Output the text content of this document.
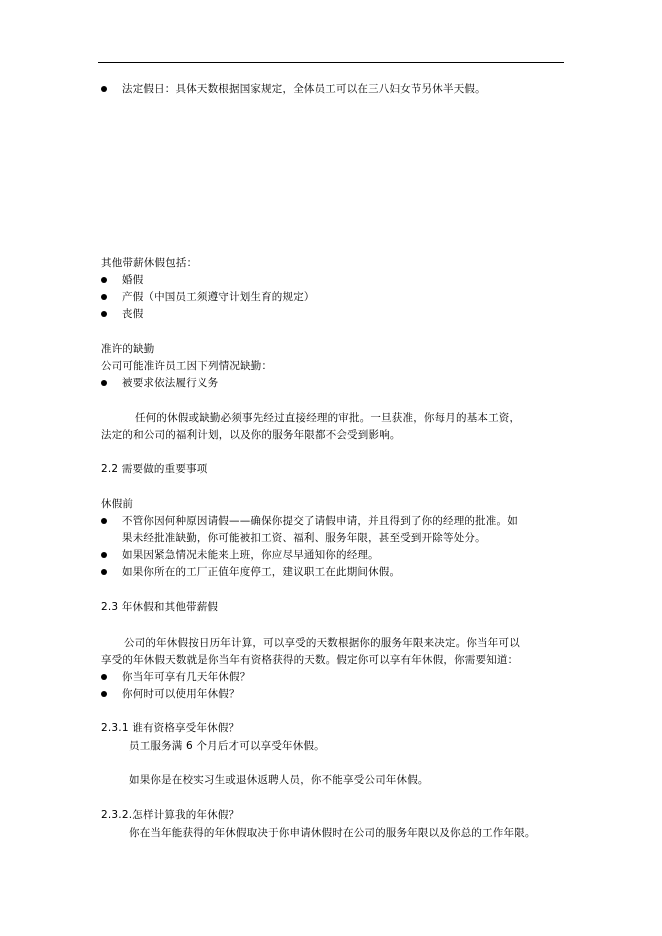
法定假日：具体天数根据国家规定，全体员工可以在三八妇女节另休半天假。
其他带薪休假包括：
婚假
产假（中国员工须遵守计划生育的规定）
丧假
准许的缺勤
公司可能准许员工因下列情况缺勤：
被要求依法履行义务
任何的休假或缺勤必须事先经过直接经理的审批。一旦获准，你每月的基本工资，
法定的和公司的福利计划，以及你的服务年限都不会受到影响。
2.2 需要做的重要事项
休假前
不管你因何种原因请假——确保你提交了请假申请，并且得到了你的经理的批准。如
果未经批准缺勤，你可能被扣工资、福利、服务年限，甚至受到开除等处分。
如果因紧急情况未能来上班，你应尽早通知你的经理。
如果你所在的工厂正值年度停工，建议职工在此期间休假。
2.3 年休假和其他带薪假
公司的年休假按日历年计算，可以享受的天数根据你的服务年限来决定。你当年可以
享受的年休假天数就是你当年有资格获得的天数。假定你可以享有年休假，你需要知道：
你当年可享有几天年休假？
你何时可以使用年休假？
2.3.1 谁有资格享受年休假？
员工服务满 6 个月后才可以享受年休假。
如果你是在校实习生或退休返聘人员，你不能享受公司年休假。
2.3.2.怎样计算我的年休假？
你在当年能获得的年休假取决于你申请休假时在公司的服务年限以及你总的工作年限。
